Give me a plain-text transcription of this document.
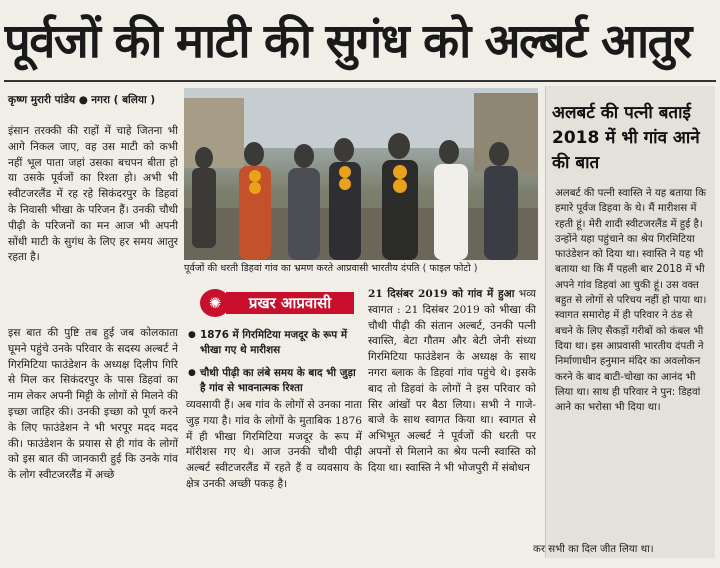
पूर्वजों की माटी की सुगंध को अल्बर्ट आतुर
कृष्ण मुरारी पांडेय ● नगरा ( बलिया )
इंसान तरक्की की राहों में चाहे जितना भी आगे निकल जाए, वह उस माटी को कभी नहीं भूल पाता जहां उसका बचपन बीता हो या उसके पूर्वजों का रिश्ता हो। अभी भी स्वीटजरलैंड में रह रहे सिकंदरपुर के डिहवां के निवासी भीखा के परिजन हैं। उनकी चौथी पीढ़ी के परिजनों का मन आज भी अपनी सोंधी माटी के सुगंध के लिए हर समय आतुर रहता है।
इस बात की पुष्टि तब हुई जब कोलकाता घूमने पहुंचे उनके परिवार के सदस्य अल्बर्ट ने गिरमिटिया फाउंडेशन के अध्यक्ष दिलीप गिरि से मिल कर सिकंदरपुर के पास डिहवां का नाम लेकर अपनी मिट्टी के लोगों से मिलने की इच्छा जाहिर की। उनकी इच्छा को पूर्ण करने के लिए फाउंडेशन ने भी भरपूर मदद मदद की। फाउंडेशन के प्रयास से ही गांव के लोगों को इस बात की जानकारी हुई कि उनके गांव के लोग स्वीटजरलैंड में अच्छे
पूर्वजों की धरती डिहवां गांव का भ्रमण करते आप्रवासी भारतीय दंपति ( फाइल फोटो )
✺	प्रखर आप्रवासी
● 1876 में गिरमिटिया मजदूर के रूप में भीखा गए थे मारीशस
● चौथी पीढ़ी का लंबे समय के बाद भी जुड़ा है गांव से भावनात्मक रिश्ता
व्यवसायी हैं। अब गांव के लोगों से उनका नाता जुड़ गया है। गांव के लोगों के मुताबिक 1876 में ही भीखा गिरमिटिया मजदूर के रूप में मॉरीशस गए थे। आज उनकी चौथी पीढ़ी अल्बर्ट स्वीटजरलैंड में रहते हैं व व्यवसाय के क्षेत्र उनकी अच्छी पकड़ है।
21 दिसंबर 2019 को गांव में हुआ भव्य स्वागत : 21 दिसंबर 2019 को भीखा की चौथी पीढ़ी की संतान अल्बर्ट, उनकी पत्नी स्वास्ति, बेटा गौतम और बेटी जेनी संध्या गिरमिटिया फाउंडेशन के अध्यक्ष के साथ नगरा ब्लाक के डिहवां गांव पहुंचे थे। इसके बाद तो डिहवां के लोगों ने इस परिवार को सिर आंखों पर बैठा लिया। सभी ने गाजे-बाजे के साथ स्वागत किया था। स्वागत से अभिभूत अल्बर्ट ने पूर्वजों की धरती पर अपनों से मिलाने का श्रेय पत्नी स्वास्ति को दिया था। स्वास्ति ने भी भोजपुरी में संबोधन
अलबर्ट की पत्नी बताई 2018 में भी गांव आने की बात
अलबर्ट की पत्नी स्वास्ति ने यह बताया कि हमारे पूर्वज डिहवा के थे। मैं मारीशस में रहती हूं। मेरी शादी स्वीटजरलैंड में हुई है। उन्होंने यहा पहुंचाने का श्रेय गिरमिटिया फाउंडेशन को दिया था। स्वास्ति ने यह भी बताया था कि मैं पहली बार 2018 में भी अपने गांव डिहवां आ चुकी हूं। उस वक्त बहुत से लोगों से परिचय नहीं हो पाया था। स्वागत समारोह में ही परिवार ने ठंड से बचने के लिए सैकड़ों गरीबों को कंबल भी दिया था। इस आप्रवासी भारतीय दंपती ने निर्माणाधीन हनुमान मंदिर का अवलोकन करने के बाद बाटी-चोखा का आनंद भी लिया था। साथ ही परिवार ने पुन: डिहवां आने का भरोसा भी दिया था।
कर सभी का दिल जीत लिया था।
